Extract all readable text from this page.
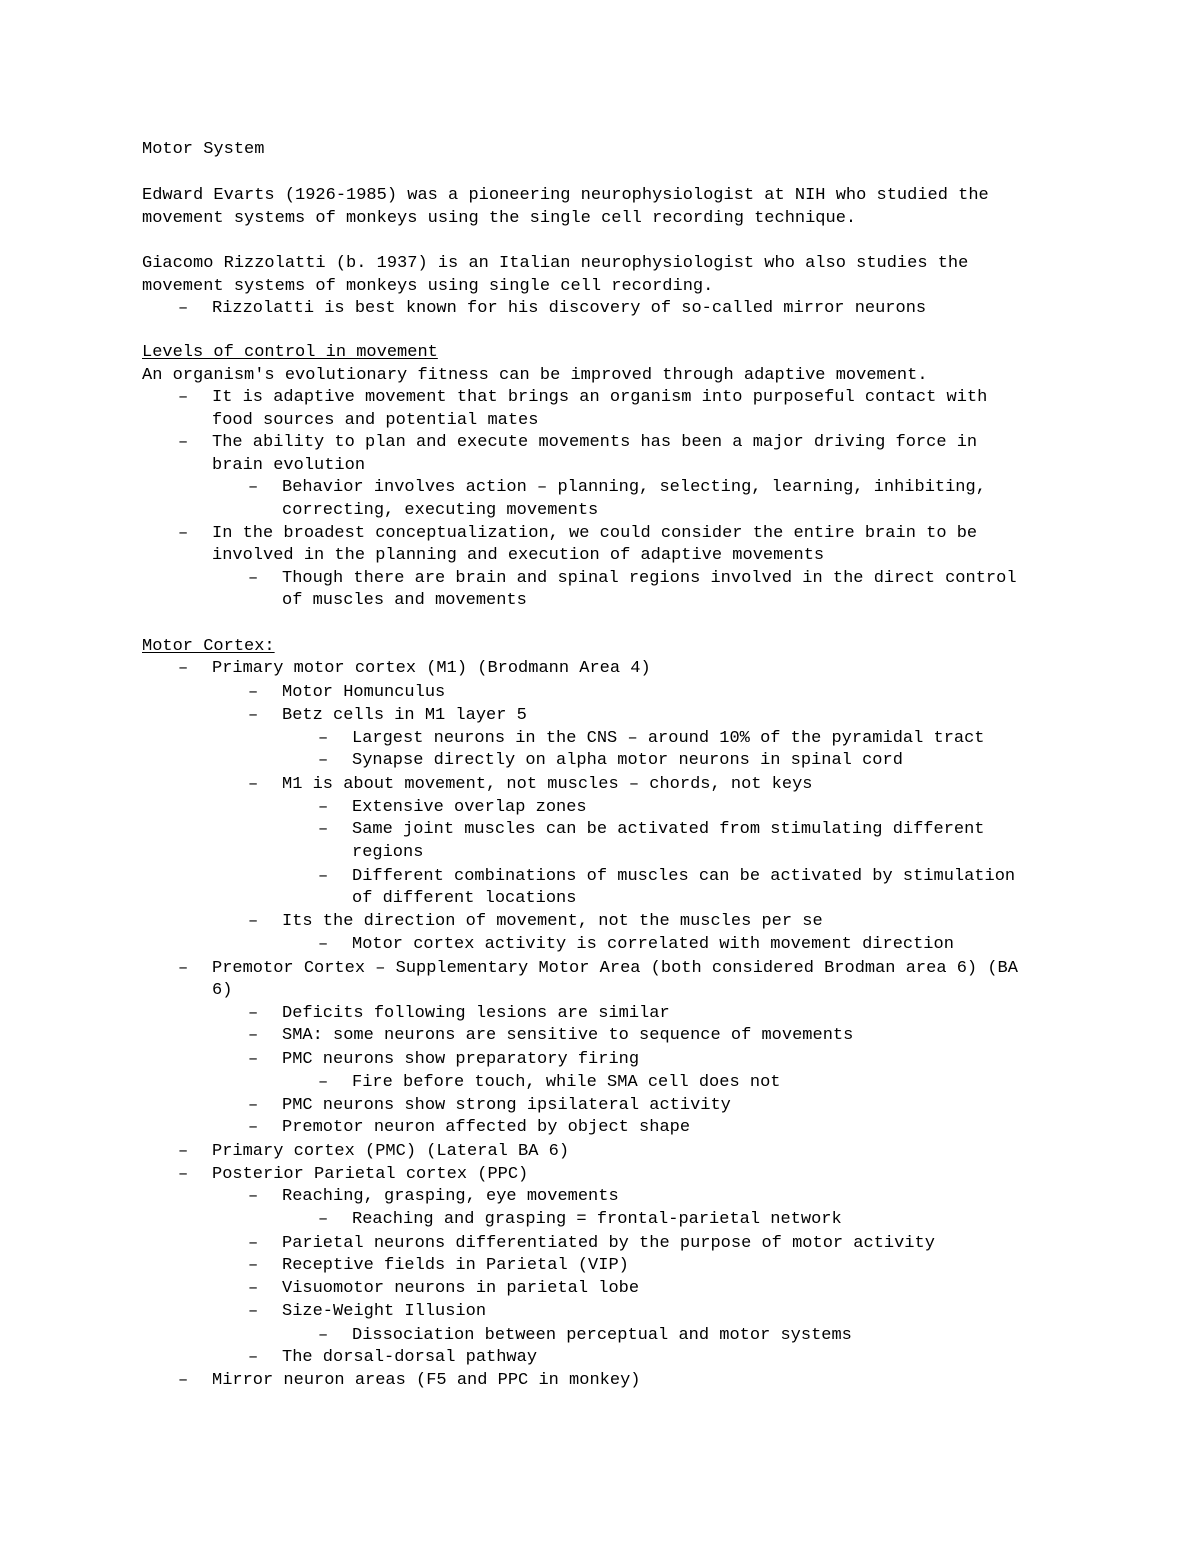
Motor System
Edward Evarts (1926-1985) was a pioneering neurophysiologist at NIH who studied the
movement systems of monkeys using the single cell recording technique.
Giacomo Rizzolatti (b. 1937) is an Italian neurophysiologist who also studies the
movement systems of monkeys using single cell recording.
–	Rizzolatti is best known for his discovery of so-called mirror neurons
Levels of control in movement
An organism's evolutionary fitness can be improved through adaptive movement.
–	It is adaptive movement that brings an organism into purposeful contact with
food sources and potential mates
–	The ability to plan and execute movements has been a major driving force in
brain evolution
–	Behavior involves action – planning, selecting, learning, inhibiting,
correcting, executing movements
–	In the broadest conceptualization, we could consider the entire brain to be
involved in the planning and execution of adaptive movements
–	Though there are brain and spinal regions involved in the direct control
of muscles and movements
Motor Cortex:
–	Primary motor cortex (M1) (Brodmann Area 4)
–	Motor Homunculus
–	Betz cells in M1 layer 5
–	Largest neurons in the CNS – around 10% of the pyramidal tract
–	Synapse directly on alpha motor neurons in spinal cord
–	M1 is about movement, not muscles – chords, not keys
–	Extensive overlap zones
–	Same joint muscles can be activated from stimulating different
regions
–	Different combinations of muscles can be activated by stimulation
of different locations
–	Its the direction of movement, not the muscles per se
–	Motor cortex activity is correlated with movement direction
–	Premotor Cortex – Supplementary Motor Area (both considered Brodman area 6) (BA
6)
–	Deficits following lesions are similar
–	SMA: some neurons are sensitive to sequence of movements
–	PMC neurons show preparatory firing
–	Fire before touch, while SMA cell does not
–	PMC neurons show strong ipsilateral activity
–	Premotor neuron affected by object shape
–	Primary cortex (PMC) (Lateral BA 6)
–	Posterior Parietal cortex (PPC)
–	Reaching, grasping, eye movements
–	Reaching and grasping = frontal-parietal network
–	Parietal neurons differentiated by the purpose of motor activity
–	Receptive fields in Parietal (VIP)
–	Visuomotor neurons in parietal lobe
–	Size-Weight Illusion
–	Dissociation between perceptual and motor systems
–	The dorsal-dorsal pathway
–	Mirror neuron areas (F5 and PPC in monkey)
